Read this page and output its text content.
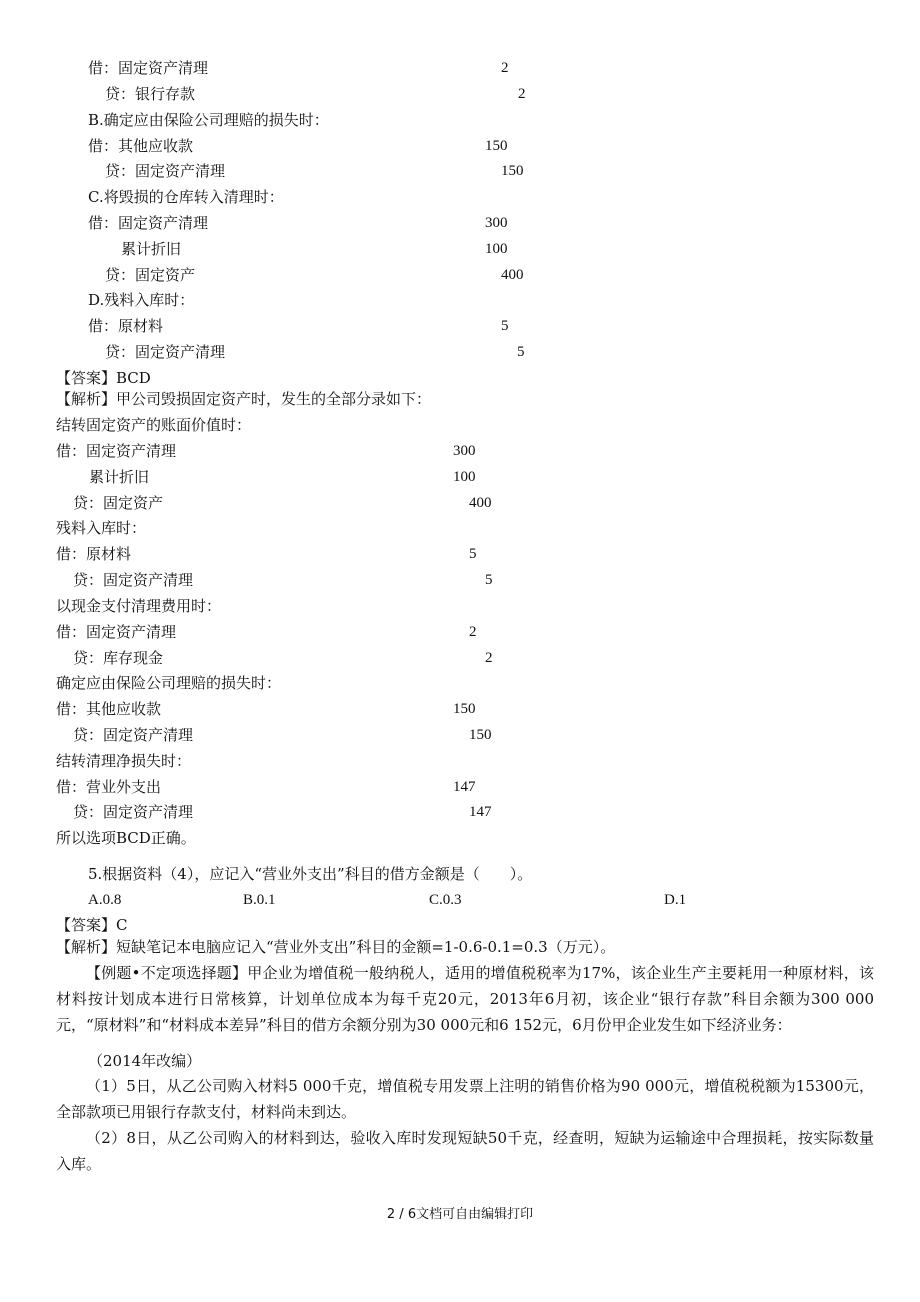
借：固定资产清理	2
贷：银行存款	2
B.确定应由保险公司理赔的损失时：
借：其他应收款	150
贷：固定资产清理	150
C.将毁损的仓库转入清理时：
借：固定资产清理	300
累计折旧	100
贷：固定资产	400
D.残料入库时：
借：原材料	5
贷：固定资产清理	5
【答案】BCD
【解析】甲公司毁损固定资产时，发生的全部分录如下：
结转固定资产的账面价值时：
借：固定资产清理	300
累计折旧	100
贷：固定资产	400
残料入库时：
借：原材料	5
贷：固定资产清理	5
以现金支付清理费用时：
借：固定资产清理	2
贷：库存现金	2
确定应由保险公司理赔的损失时：
借：其他应收款	150
贷：固定资产清理	150
结转清理净损失时：
借：营业外支出	147
贷：固定资产清理	147
所以选项BCD正确。
5.根据资料（4），应记入“营业外支出”科目的借方金额是（　　）。
A.0.8	B.0.1	C.0.3	D.1
【答案】C
【解析】短缺笔记本电脑应记入“营业外支出”科目的金额=1-0.6-0.1=0.3（万元）。
【例题•不定项选择题】甲企业为增值税一般纳税人，适用的增值税税率为17%，该企业生产主要耗用一种原材料，该材料按计划成本进行日常核算，计划单位成本为每千克20元，2013年6月初，该企业“银行存款”科目余额为300 000元，“原材料”和“材料成本差异”科目的借方余额分别为30 000元和6 152元，6月份甲企业发生如下经济业务：
（2014年改编）
（1）5日，从乙公司购入材料5 000千克，增值税专用发票上注明的销售价格为90 000元，增值税税额为15300元，全部款项已用银行存款支付，材料尚未到达。
（2）8日，从乙公司购入的材料到达，验收入库时发现短缺50千克，经查明，短缺为运输途中合理损耗，按实际数量入库。
2 / 6文档可自由编辑打印
